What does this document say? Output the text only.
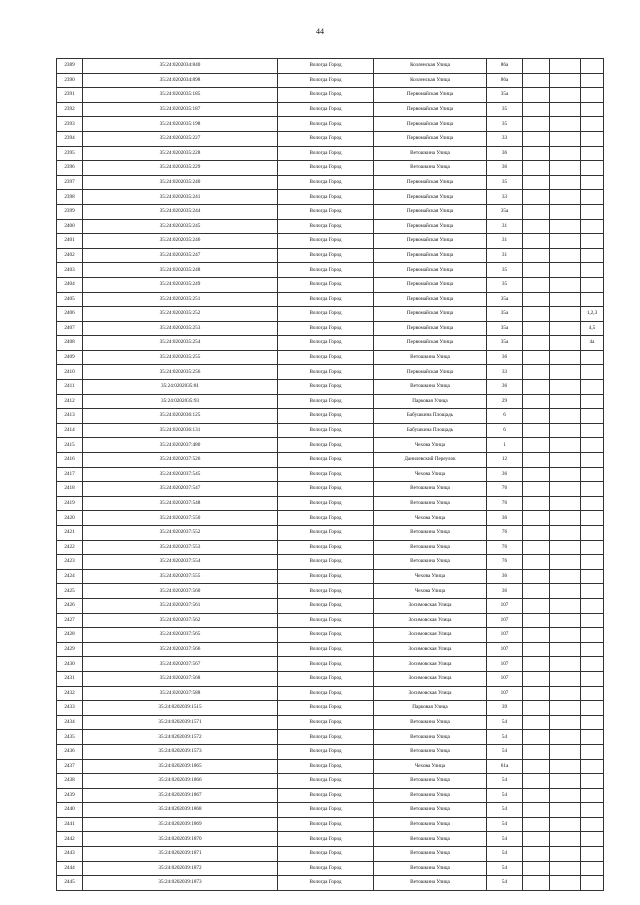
44
2389	35:24:0202034:840	Вологда Город	Козленская Улица	86а			
2390	35:24:0202034:898	Вологда Город	Козленская Улица	86а			
2391	35:24:0202035:185	Вологда Город	Первомайская Улица	35а			
2392	35:24:0202035:187	Вологда Город	Первомайская Улица	35			
2393	35:24:0202035:198	Вологда Город	Первомайская Улица	35			
2394	35:24:0202035:227	Вологда Город	Первомайская Улица	33			
2395	35:24:0202035:228	Вологда Город	Ветошкина Улица	36			
2396	35:24:0202035:229	Вологда Город	Ветошкина Улица	36			
2397	35:24:0202035:240	Вологда Город	Первомайская Улица	35			
2398	35:24:0202035:241	Вологда Город	Первомайская Улица	33			
2399	35:24:0202035:244	Вологда Город	Первомайская Улица	35а			
2400	35:24:0202035:245	Вологда Город	Первомайская Улица	31			
2401	35:24:0202035:246	Вологда Город	Первомайская Улица	31			
2402	35:24:0202035:247	Вологда Город	Первомайская Улица	31			
2403	35:24:0202035:248	Вологда Город	Первомайская Улица	35			
2404	35:24:0202035:249	Вологда Город	Первомайская Улица	35			
2405	35:24:0202035:251	Вологда Город	Первомайская Улица	35а			
2406	35:24:0202035:252	Вологда Город	Первомайская Улица	35а			1,2,3
2407	35:24:0202035:253	Вологда Город	Первомайская Улица	35а			4,5
2408	35:24:0202035:254	Вологда Город	Первомайская Улица	35а			4а
2409	35:24:0202035:255	Вологда Город	Ветошкина Улица	36			
2410	35:24:0202035:256	Вологда Город	Первомайская Улица	33			
2411	35:24:0202035:81	Вологда Город	Ветошкина Улица	36			
2412	35:24:0202035:93	Вологда Город	Парковая Улица	29			
2413	35:24:0202036:125	Вологда Город	Бабушкина Площадь	6			
2414	35:24:0202036:131	Вологда Город	Бабушкина Площадь	6			
2415	35:24:0202037:480	Вологда Город	Чехова Улица	1			
2416	35:24:0202037:526	Вологда Город	Данилевский Переулок	12			
2417	35:24:0202037:545	Вологда Город	Чехова Улица	36			
2418	35:24:0202037:547	Вологда Город	Ветошкина Улица	76			
2419	35:24:0202037:548	Вологда Город	Ветошкина Улица	76			
2420	35:24:0202037:550	Вологда Город	Чехова Улица	36			
2421	35:24:0202037:552	Вологда Город	Ветошкина Улица	76			
2422	35:24:0202037:553	Вологда Город	Ветошкина Улица	76			
2423	35:24:0202037:554	Вологда Город	Ветошкина Улица	76			
2424	35:24:0202037:555	Вологда Город	Чехова Улица	36			
2425	35:24:0202037:560	Вологда Город	Чехова Улица	36			
2426	35:24:0202037:561	Вологда Город	Зосимовская Улица	107			
2427	35:24:0202037:562	Вологда Город	Зосимовская Улица	107			
2428	35:24:0202037:565	Вологда Город	Зосимовская Улица	107			
2429	35:24:0202037:566	Вологда Город	Зосимовская Улица	107			
2430	35:24:0202037:567	Вологда Город	Зосимовская Улица	107			
2431	35:24:0202037:568	Вологда Город	Зосимовская Улица	107			
2432	35:24:0202037:588	Вологда Город	Зосимовская Улица	107			
2433	35:24:0202039:1515	Вологда Город	Парковая Улица	39			
2434	35:24:0202039:1571	Вологда Город	Ветошкина Улица	54			
2435	35:24:0202039:1572	Вологда Город	Ветошкина Улица	54			
2436	35:24:0202039:1573	Вологда Город	Ветошкина Улица	54			
2437	35:24:0202039:1865	Вологда Город	Чехова Улица	61а			
2438	35:24:0202039:1866	Вологда Город	Ветошкина Улица	54			
2439	35:24:0202039:1867	Вологда Город	Ветошкина Улица	54			
2440	35:24:0202039:1868	Вологда Город	Ветошкина Улица	54			
2441	35:24:0202039:1869	Вологда Город	Ветошкина Улица	54			
2442	35:24:0202039:1870	Вологда Город	Ветошкина Улица	54			
2443	35:24:0202039:1871	Вологда Город	Ветошкина Улица	54			
2444	35:24:0202039:1872	Вологда Город	Ветошкина Улица	54			
2445	35:24:0202039:1873	Вологда Город	Ветошкина Улица	54			
